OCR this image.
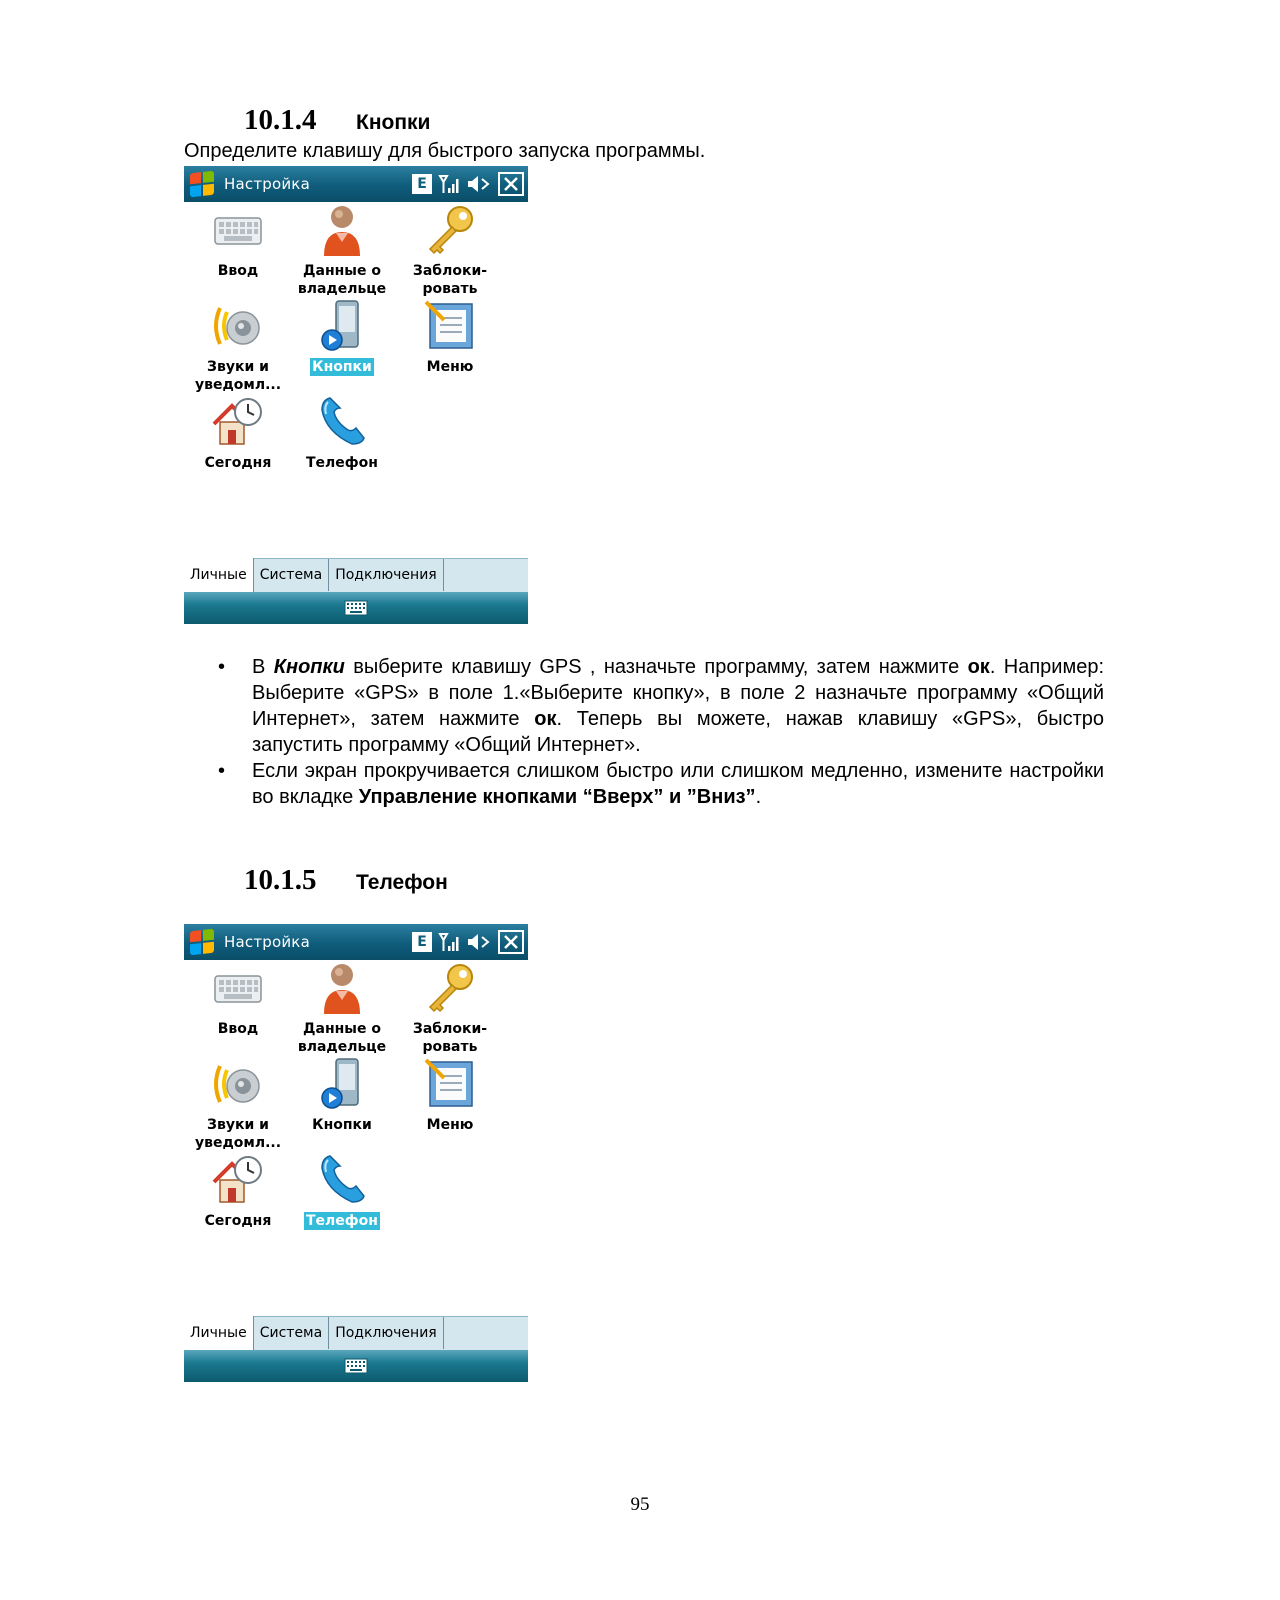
10.1.4	Кнопки

Определите клавишу для быстрого запуска программы.

Настройка	E
Ввод	Данные о
владельце
Заблоки-
ровать
Звуки и
уведомл...
Кнопки	Меню
Сегодня	Телефон
Личные Система Подключения

• В Кнопки выберите клавишу GPS , назначьте программу, затем нажмите ок. Например: Выберите «GPS» в поле 1.«Выберите кнопку», в поле 2 назначьте программу «Общий Интернет», затем нажмите ок. Теперь вы можете, нажав клавишу «GPS», быстро запустить программу «Общий Интернет».

• Если экран прокручивается слишком быстро или слишком медленно, измените настройки во вкладке Управление кнопками “Вверх” и ”Вниз”.

10.1.5	Телефон
Настройка	E
Ввод	Данные о
владельце
Заблоки-
ровать
Звуки и
уведомл...
Кнопки	Меню
Сегодня	Телефон
Личные Система Подключения
95
